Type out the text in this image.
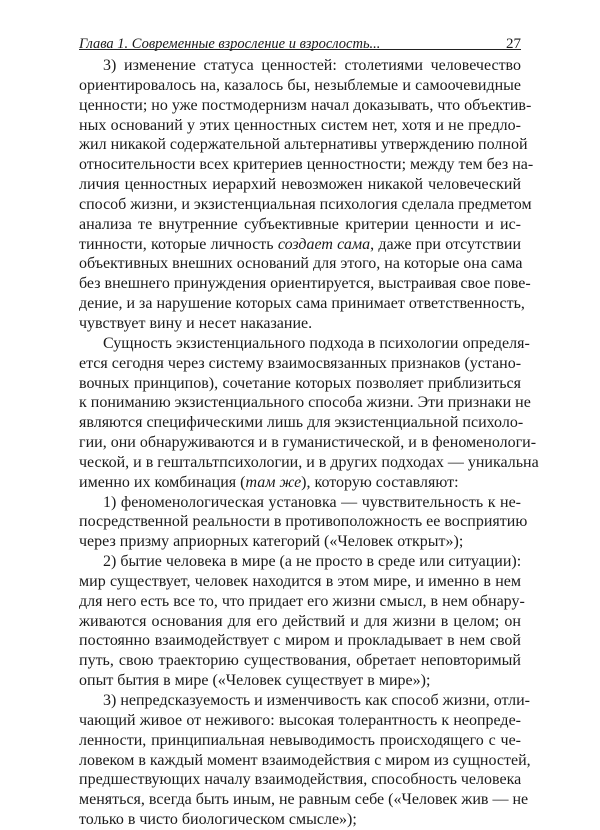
Глава 1. Современные взросление и взрослость...	27
3) изменение статуса ценностей: столетиями человечество
ориентировалось на, казалось бы, незыблемые и самоочевидные
ценности; но уже постмодернизм начал доказывать, что объектив-
ных оснований у этих ценностных систем нет, хотя и не предло-
жил никакой содержательной альтернативы утверждению полной
относительности всех критериев ценностности; между тем без на-
личия ценностных иерархий невозможен никакой человеческий
способ жизни, и экзистенциальная психология сделала предметом
анализа те внутренние субъективные критерии ценности и ис-
тинности, которые личность создает сама, даже при отсутствии
объективных внешних оснований для этого, на которые она сама
без внешнего принуждения ориентируется, выстраивая свое пове-
дение, и за нарушение которых сама принимает ответственность,
чувствует вину и несет наказание.
Сущность экзистенциального подхода в психологии определя-
ется сегодня через систему взаимосвязанных признаков (устано-
вочных принципов), сочетание которых позволяет приблизиться
к пониманию экзистенциального способа жизни. Эти признаки не
являются специфическими лишь для экзистенциальной психоло-
гии, они обнаруживаются и в гуманистической, и в феноменологи-
ческой, и в гештальтпсихологии, и в других подходах — уникальна
именно их комбинация (там же), которую составляют:
1) феноменологическая установка — чувствительность к не-
посредственной реальности в противоположность ее восприятию
через призму априорных категорий («Человек открыт»);
2) бытие человека в мире (а не просто в среде или ситуации):
мир существует, человек находится в этом мире, и именно в нем
для него есть все то, что придает его жизни смысл, в нем обнару-
живаются основания для его действий и для жизни в целом; он
постоянно взаимодействует с миром и прокладывает в нем свой
путь, свою траекторию существования, обретает неповторимый
опыт бытия в мире («Человек существует в мире»);
3) непредсказуемость и изменчивость как способ жизни, отли-
чающий живое от неживого: высокая толерантность к неопреде-
ленности, принципиальная невыводимость происходящего с че-
ловеком в каждый момент взаимодействия с миром из сущностей,
предшествующих началу взаимодействия, способность человека
меняться, всегда быть иным, не равным себе («Человек жив — не
только в чисто биологическом смысле»);
